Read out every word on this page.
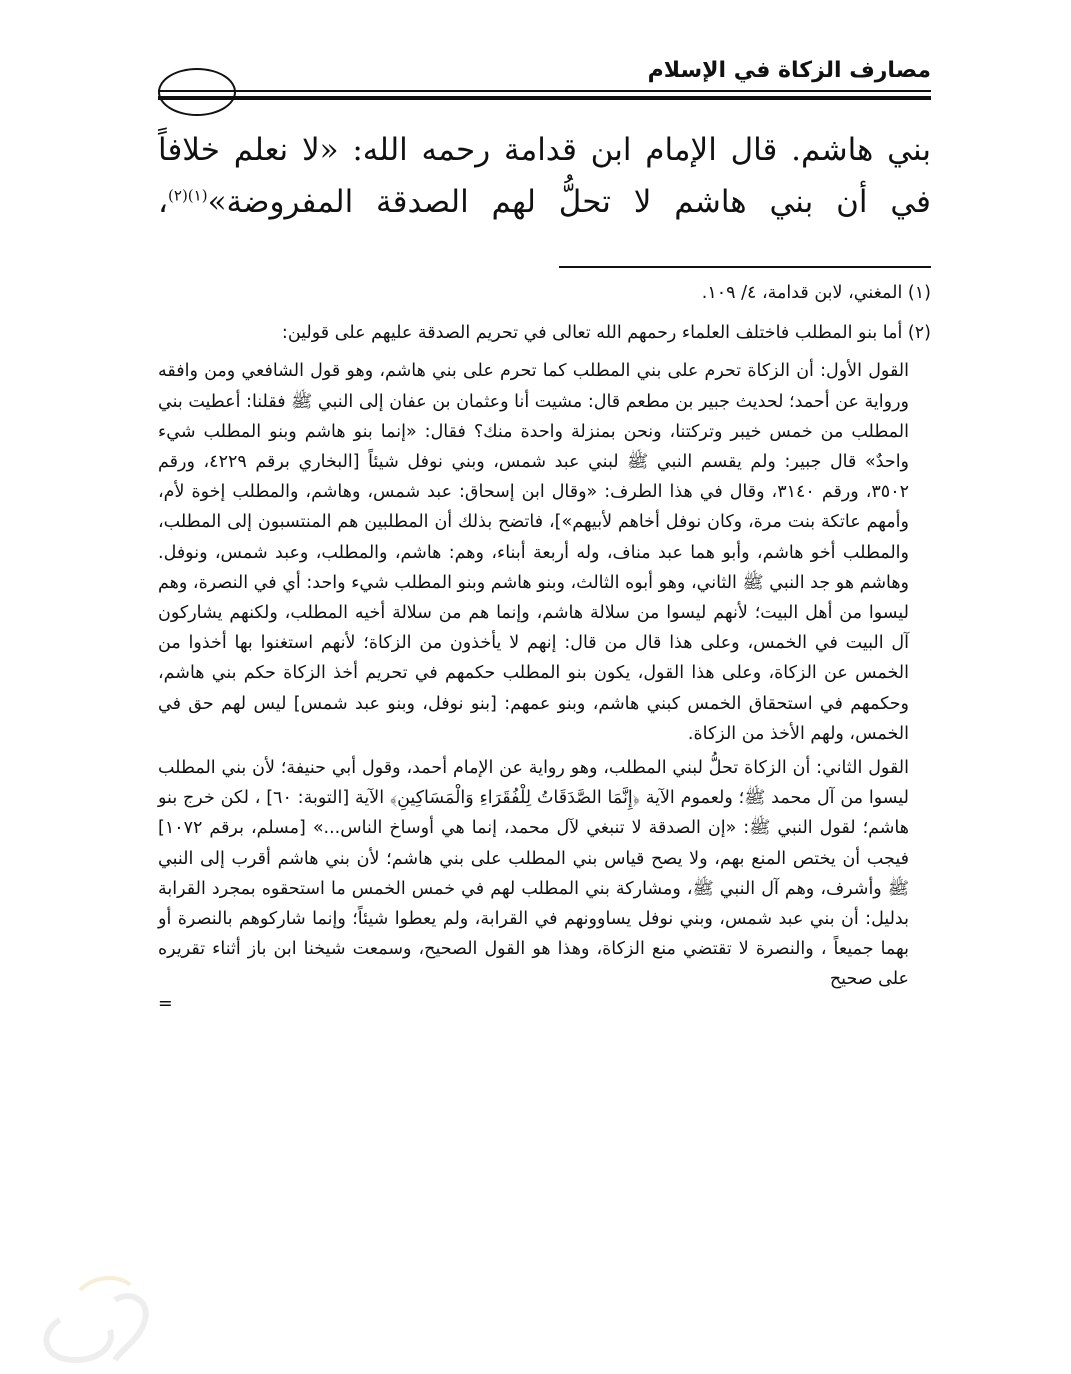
مصارف الزكاة في الإسلام

بني هاشم. قال الإمام ابن قدامة رحمه الله: «لا نعلم خلافاً في أن بني هاشم لا تحلُّ لهم الصدقة المفروضة»$^{(١)(٢)}$،

(١) المغني، لابن قدامة، ٤/ ١٠٩.

(٢) أما بنو المطلب فاختلف العلماء رحمهم الله تعالى في تحريم الصدقة عليهم على قولين:

القول الأول: أن الزكاة تحرم على بني المطلب كما تحرم على بني هاشم، وهو قول الشافعي ومن وافقه ورواية عن أحمد؛ لحديث جبير بن مطعم قال: مشيت أنا وعثمان بن عفان إلى النبي ﷺ فقلنا: أعطيت بني المطلب من خمس خيبر وتركتنا، ونحن بمنزلة واحدة منك؟ فقال: «إنما بنو هاشم وبنو المطلب شيء واحدٌ» قال جبير: ولم يقسم النبي ﷺ لبني عبد شمس، وبني نوفل شيئاً [البخاري برقم ٤٢٢٩، ورقم ٣٥٠٢، ورقم ٣١٤٠، وقال في هذا الطرف: «وقال ابن إسحاق: عبد شمس، وهاشم، والمطلب إخوة لأم، وأمهم عاتكة بنت مرة، وكان نوفل أخاهم لأبيهم»]، فاتضح بذلك أن المطلبين هم المنتسبون إلى المطلب، والمطلب أخو هاشم، وأبو هما عبد مناف، وله أربعة أبناء، وهم: هاشم، والمطلب، وعبد شمس، ونوفل. وهاشم هو جد النبي ﷺ الثاني، وهو أبوه الثالث، وبنو هاشم وبنو المطلب شيء واحد: أي في النصرة، وهم ليسوا من أهل البيت؛ لأنهم ليسوا من سلالة هاشم، وإنما هم من سلالة أخيه المطلب، ولكنهم يشاركون آل البيت في الخمس، وعلى هذا قال من قال: إنهم لا يأخذون من الزكاة؛ لأنهم استغنوا بها أخذوا من الخمس عن الزكاة، وعلى هذا القول، يكون بنو المطلب حكمهم في تحريم أخذ الزكاة حكم بني هاشم، وحكمهم في استحقاق الخمس كبني هاشم، وبنو عمهم: [بنو نوفل، وبنو عبد شمس] ليس لهم حق في الخمس، ولهم الأخذ من الزكاة.

القول الثاني: أن الزكاة تحلُّ لبني المطلب، وهو رواية عن الإمام أحمد، وقول أبي حنيفة؛ لأن بني المطلب ليسوا من آل محمد ﷺ؛ ولعموم الآية ﴿إِنَّمَا الصَّدَقَاتُ لِلْفُقَرَاءِ وَالْمَسَاكِينِ﴾ الآية [التوبة: ٦٠] ، لكن خرج بنو هاشم؛ لقول النبي ﷺ: «إن الصدقة لا تنبغي لآل محمد، إنما هي أوساخ الناس...» [مسلم، برقم ١٠٧٢] فيجب أن يختص المنع بهم، ولا يصح قياس بني المطلب على بني هاشم؛ لأن بني هاشم أقرب إلى النبي ﷺ وأشرف، وهم آل النبي ﷺ، ومشاركة بني المطلب لهم في خمس الخمس ما استحقوه بمجرد القرابة بدليل: أن بني عبد شمس، وبني نوفل يساوونهم في القرابة، ولم يعطوا شيئاً؛ وإنما شاركوهم بالنصرة أو بهما جميعاً ، والنصرة لا تقتضي منع الزكاة، وهذا هو القول الصحيح، وسمعت شيخنا ابن باز أثناء تقريره على صحيح

=
